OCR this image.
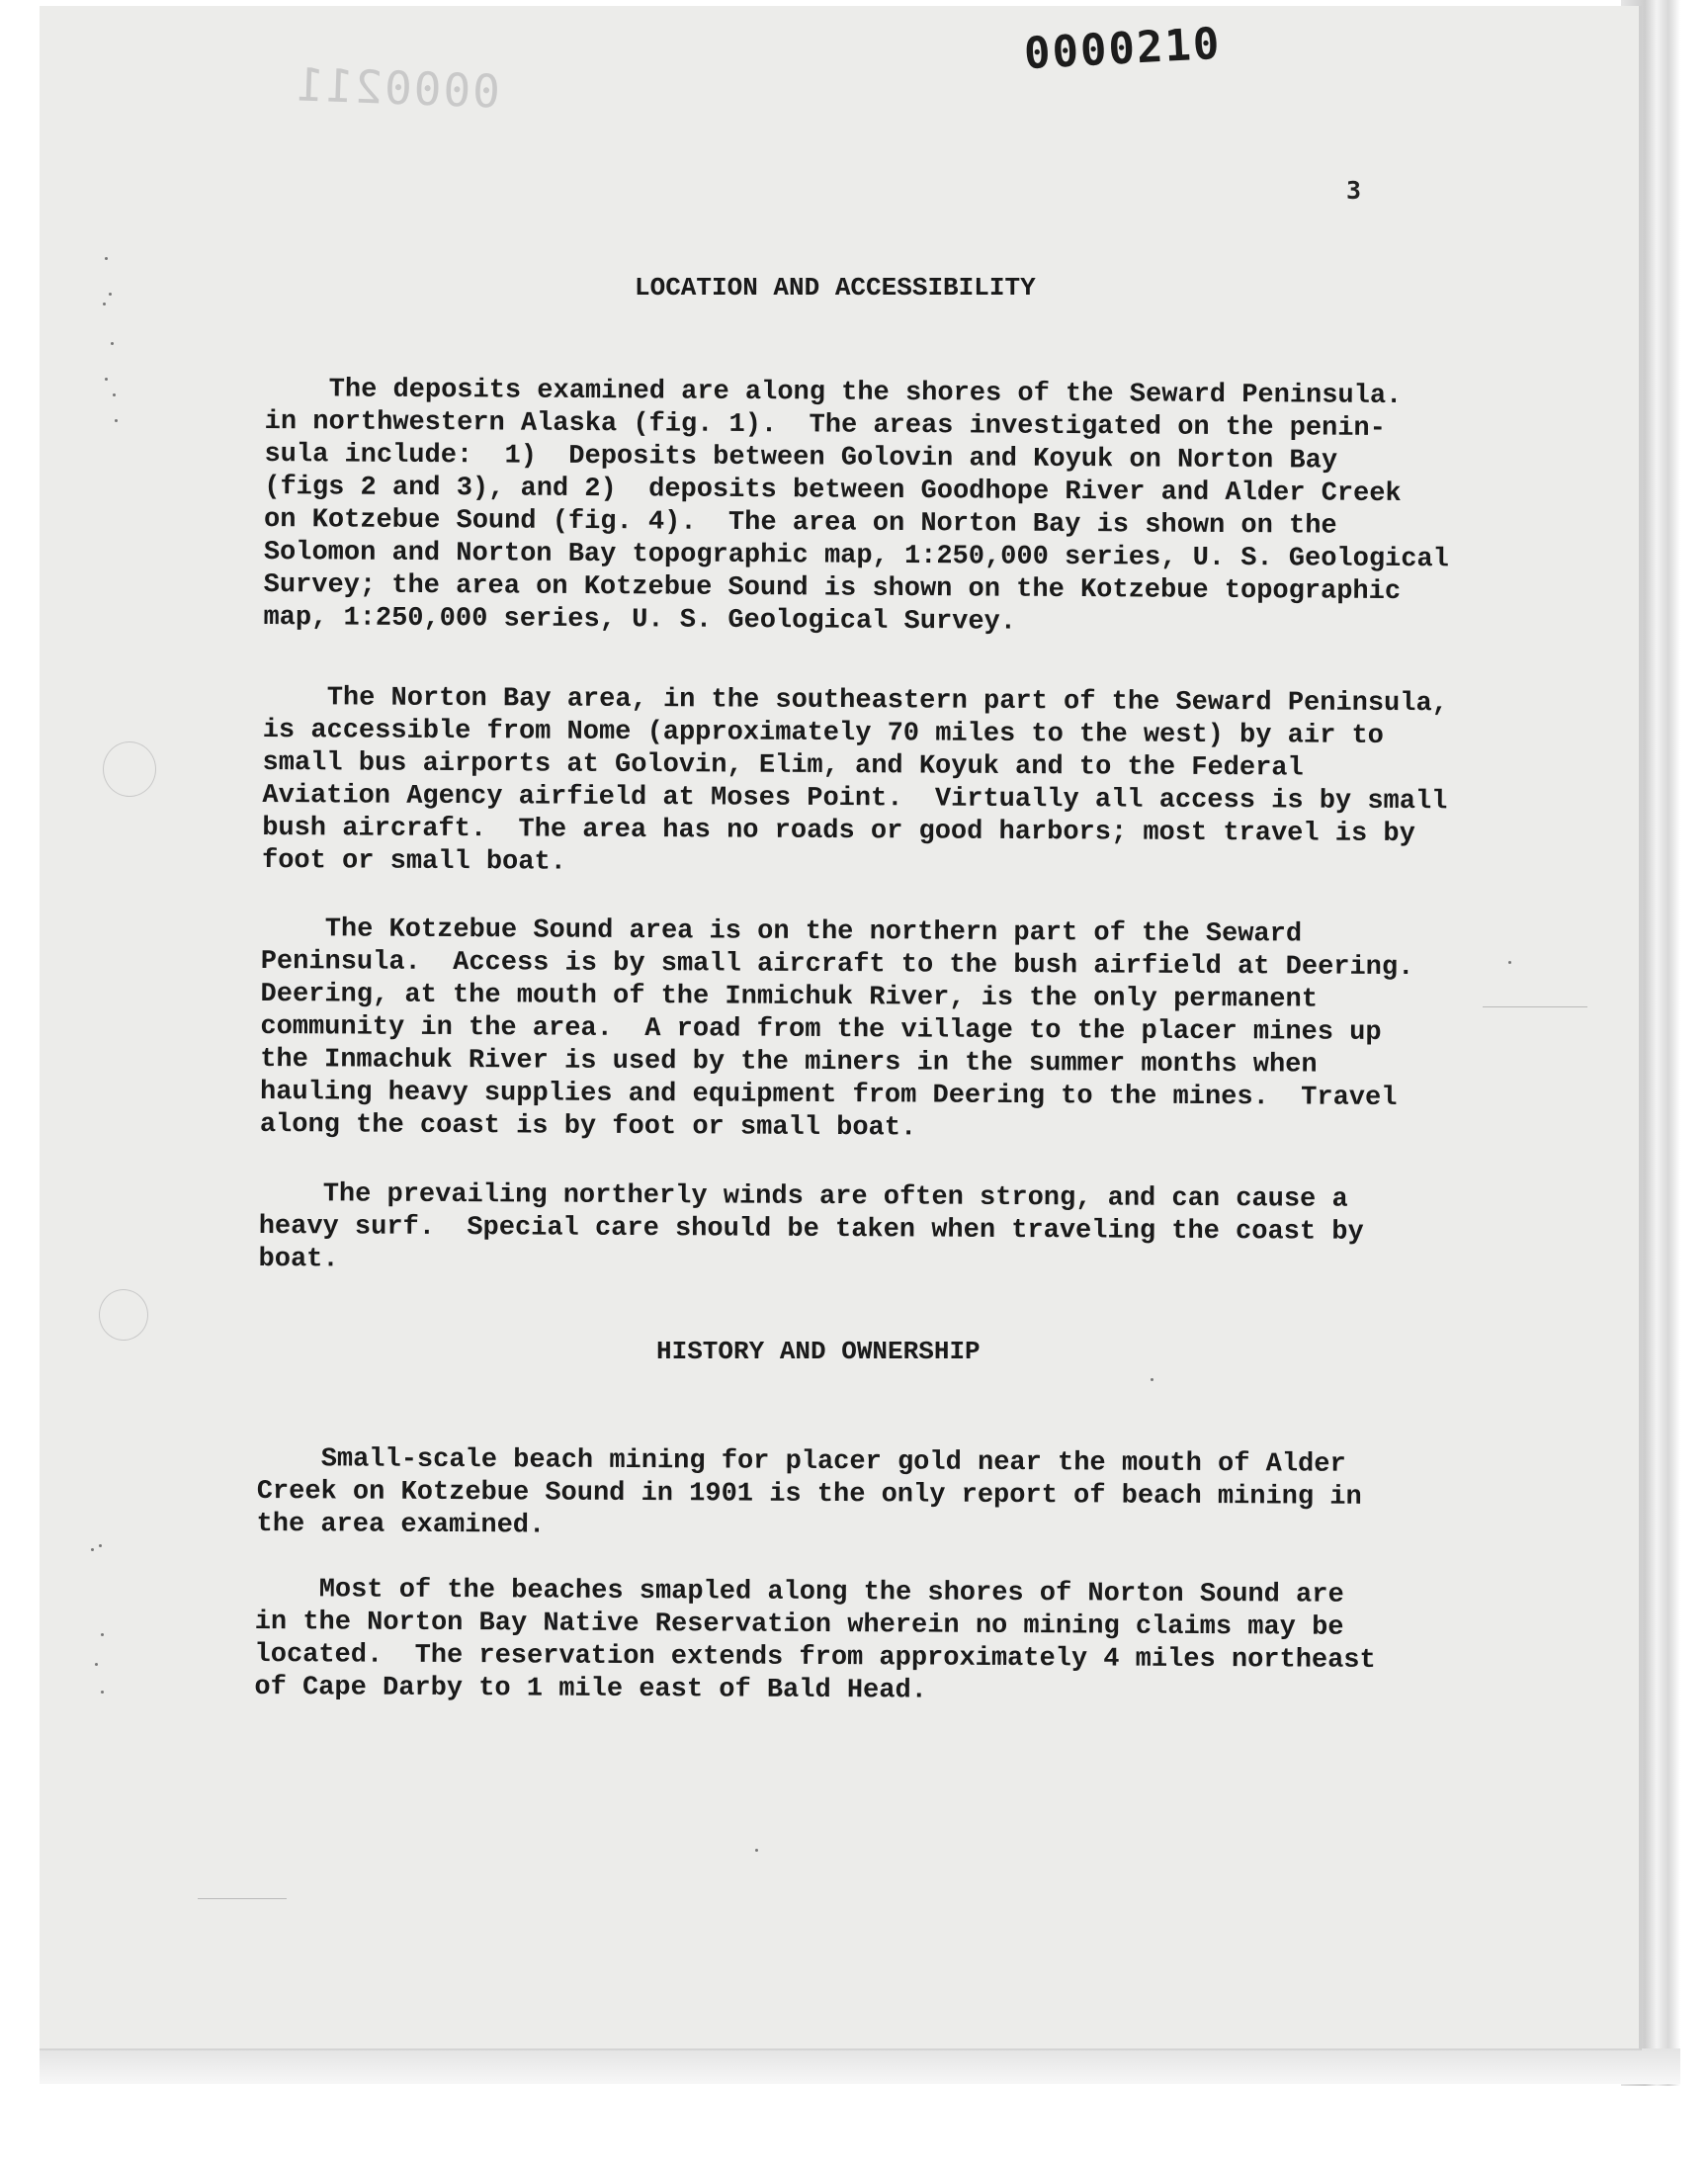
0000211
0000210
3
LOCATION AND ACCESSIBILITY
The deposits examined are along the shores of the Seward Peninsula.
in northwestern Alaska (fig. 1).  The areas investigated on the penin-
sula include:  1)  Deposits between Golovin and Koyuk on Norton Bay
(figs 2 and 3), and 2)  deposits between Goodhope River and Alder Creek
on Kotzebue Sound (fig. 4).  The area on Norton Bay is shown on the
Solomon and Norton Bay topographic map, 1:250,000 series, U. S. Geological
Survey; the area on Kotzebue Sound is shown on the Kotzebue topographic
map, 1:250,000 series, U. S. Geological Survey.
The Norton Bay area, in the southeastern part of the Seward Peninsula,
is accessible from Nome (approximately 70 miles to the west) by air to
small bus airports at Golovin, Elim, and Koyuk and to the Federal
Aviation Agency airfield at Moses Point.  Virtually all access is by small
bush aircraft.  The area has no roads or good harbors; most travel is by
foot or small boat.
The Kotzebue Sound area is on the northern part of the Seward
Peninsula.  Access is by small aircraft to the bush airfield at Deering.
Deering, at the mouth of the Inmichuk River, is the only permanent
community in the area.  A road from the village to the placer mines up
the Inmachuk River is used by the miners in the summer months when
hauling heavy supplies and equipment from Deering to the mines.  Travel
along the coast is by foot or small boat.
The prevailing northerly winds are often strong, and can cause a
heavy surf.  Special care should be taken when traveling the coast by
boat.
HISTORY AND OWNERSHIP
Small-scale beach mining for placer gold near the mouth of Alder
Creek on Kotzebue Sound in 1901 is the only report of beach mining in
the area examined.
Most of the beaches smapled along the shores of Norton Sound are
in the Norton Bay Native Reservation wherein no mining claims may be
located.  The reservation extends from approximately 4 miles northeast
of Cape Darby to 1 mile east of Bald Head.
